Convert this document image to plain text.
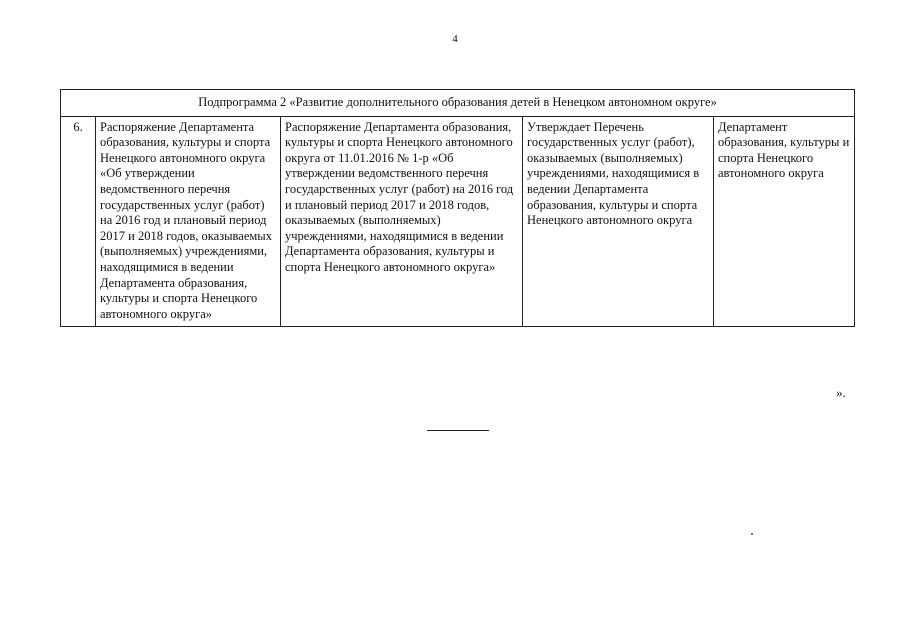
4
Подпрограмма 2 «Развитие дополнительного образования детей в Ненецком автономном округе»
6.	Распоряжение Департамента образования, культуры и спорта Ненецкого автономного округа «Об утверждении ведомственного перечня государственных услуг (работ) на 2016 год и плановый период 2017 и 2018 годов, оказываемых (выполняемых) учреждениями, находящимися в ведении Департамента образования, культуры и спорта Ненецкого автономного округа»	Распоряжение Департамента образования, культуры и спорта Ненецкого автономного округа от 11.01.2016 № 1-р «Об утверждении ведомственного перечня государственных услуг (работ) на 2016 год и плановый период 2017 и 2018 годов, оказываемых (выполняемых) учреждениями, находящимися в ведении Департамента образования, культуры и спорта Ненецкого автономного округа»	Утверждает Перечень государственных услуг (работ), оказываемых (выполняемых) учреждениями, находящимися в ведении Департамента образования, культуры и спорта Ненецкого автономного округа	Департамент образования, культуры и спорта Ненецкого автономного округа
».
